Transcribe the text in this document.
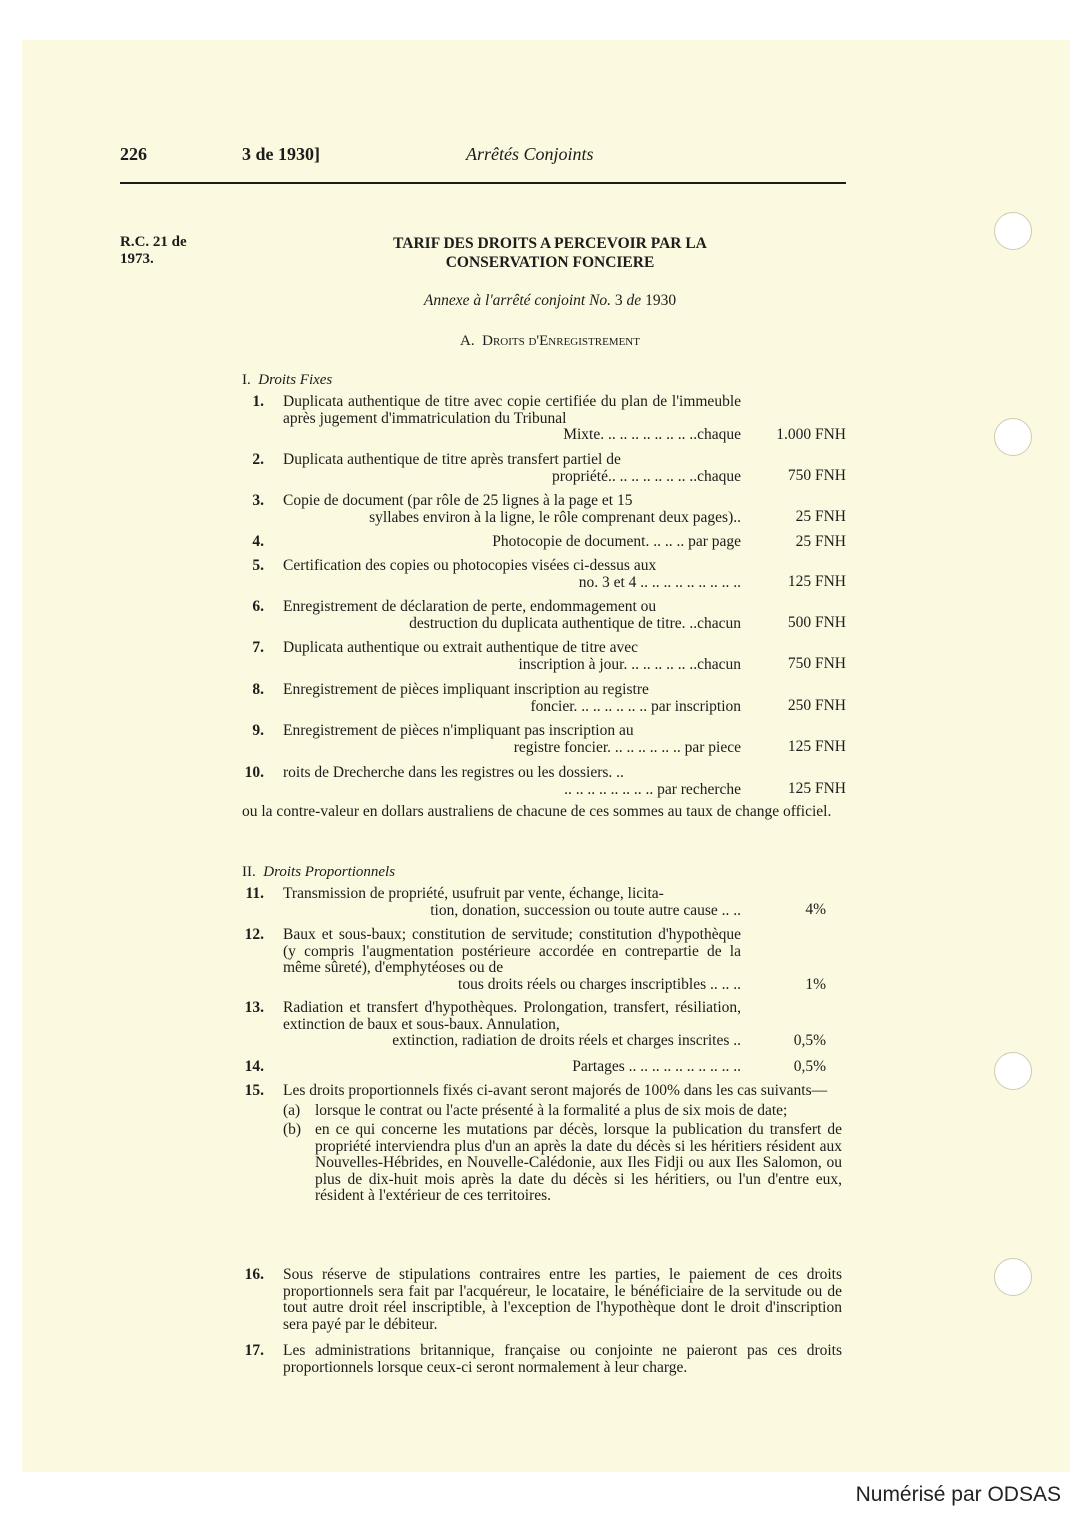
226	3 de 1930]	Arrêtés Conjoints
R.C. 21 de
1973.
TARIF DES DROITS A PERCEVOIR PAR LA
CONSERVATION FONCIERE
Annexe à l'arrêté conjoint No. 3 de 1930
A. Droits d'Enregistrement
I. Droits Fixes
1. Duplicata authentique de titre avec copie certifiée du plan de l'immeuble après jugement d'immatriculation du Tribunal
Mixte. .. .. .. .. .. .. .. ..chaque	1.000 FNH
2. Duplicata authentique de titre après transfert partiel de
propriété.. .. .. .. .. .. .. ..chaque	750 FNH
3. Copie de document (par rôle de 25 lignes à la page et 15
syllabes environ à la ligne, le rôle comprenant deux pages)..	25 FNH
4.	Photocopie de document. .. .. .. par page	25 FNH
5. Certification des copies ou photocopies visées ci-dessus aux
no. 3 et 4 .. .. .. .. .. .. .. .. ..	125 FNH
6. Enregistrement de déclaration de perte, endommagement ou
destruction du duplicata authentique de titre. ..chacun	500 FNH
7. Duplicata authentique ou extrait authentique de titre avec
inscription à jour. .. .. .. .. .. ..chacun	750 FNH
8. Enregistrement de pièces impliquant inscription au registre
foncier. .. .. .. .. .. .. par inscription	250 FNH
9. Enregistrement de pièces n'impliquant pas inscription au
registre foncier. .. .. .. .. .. .. par piece	125 FNH
10. roits de Drecherche dans les registres ou les dossiers. ..
.. .. .. .. .. .. .. .. par recherche	125 FNH
ou la contre-valeur en dollars australiens de chacune de ces sommes au taux de change officiel.
II. Droits Proportionnels
11. Transmission de propriété, usufruit par vente, échange, licita-
tion, donation, succession ou toute autre cause .. ..	4%
12. Baux et sous-baux; constitution de servitude; constitution d'hypothèque (y compris l'augmentation postérieure accordée en contrepartie de la même sûreté), d'emphytéoses ou de
tous droits réels ou charges inscriptibles .. .. ..	1%
13. Radiation et transfert d'hypothèques. Prolongation, transfert, résiliation, extinction de baux et sous-baux. Annulation,
extinction, radiation de droits réels et charges inscrites ..	0,5%
14.	Partages .. .. .. .. .. .. .. .. .. ..	0,5%
15. Les droits proportionnels fixés ci-avant seront majorés de 100% dans les cas suivants—
(a) lorsque le contrat ou l'acte présenté à la formalité a plus de six mois de date;
(b) en ce qui concerne les mutations par décès, lorsque la publication du transfert de propriété interviendra plus d'un an après la date du décès si les héritiers résident aux Nouvelles-Hébrides, en Nouvelle-Calédonie, aux Iles Fidji ou aux Iles Salomon, ou plus de dix-huit mois après la date du décès si les héritiers, ou l'un d'entre eux, résident à l'extérieur de ces territoires.
16. Sous réserve de stipulations contraires entre les parties, le paiement de ces droits proportionnels sera fait par l'acquéreur, le locataire, le bénéficiaire de la servitude ou de tout autre droit réel inscriptible, à l'exception de l'hypothèque dont le droit d'inscription sera payé par le débiteur.
17. Les administrations britannique, française ou conjointe ne paieront pas ces droits proportionnels lorsque ceux-ci seront normalement à leur charge.
Numérisé par ODSAS
